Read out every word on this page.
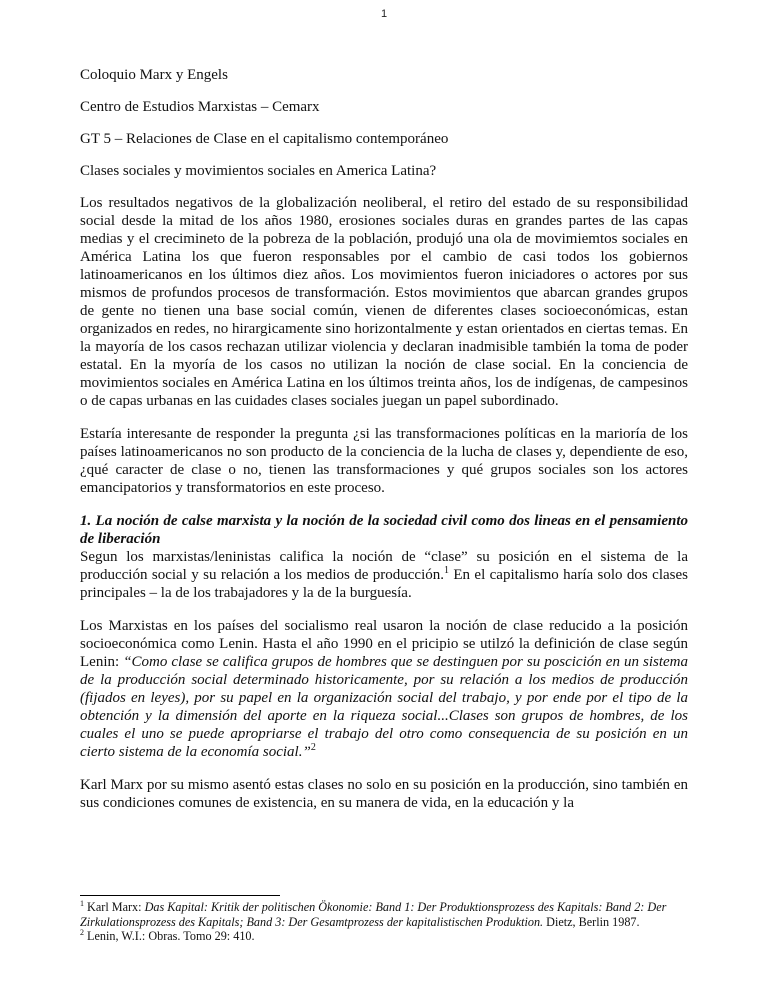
1

Coloquio Marx y Engels

Centro de Estudios Marxistas – Cemarx

GT 5 – Relaciones de Clase en el capitalismo contemporáneo

Clases sociales y movimientos sociales en America Latina?

Los resultados negativos de la globalización neoliberal, el retiro del estado de su responsibilidad social desde la mitad de los años 1980, erosiones sociales duras en grandes partes de las capas medias y el crecimineto de la pobreza de la población, produjó una ola de movimiemtos sociales en América Latina los que fueron responsables por el cambio de casi todos los gobiernos latinoamericanos en los últimos diez años. Los movimientos fueron iniciadores o actores por sus mismos de profundos procesos de transformación. Estos movimientos que abarcan grandes grupos de gente no tienen una base social común, vienen de diferentes clases socioeconómicas, estan organizados en redes, no hirargicamente sino horizontalmente y estan orientados en ciertas temas. En la mayoría de los casos rechazan utilizar violencia y declaran inadmisible también la toma de poder estatal. En la myoría de los casos no utilizan la noción de clase social. En la conciencia de movimientos sociales en América Latina en los últimos treinta años, los de indígenas, de campesinos o de capas urbanas en las cuidades clases sociales juegan un papel subordinado.

Estaría interesante de responder la pregunta ¿si las transformaciones políticas en la marioría de los países latinoamericanos no son producto de la conciencia de la lucha de clases y, dependiente de eso, ¿qué caracter de clase o no, tienen las transformaciones y qué grupos sociales son los actores emancipatorios y transformatorios en este proceso.

1. La noción de calse marxista y la noción de la sociedad civil como dos lineas en el pensamiento de liberación

Segun los marxistas/leninistas califica la noción de “clase” su posición en el sistema de la producción social y su relación a los medios de producción.$^1$ En el capitalismo haría solo dos clases principales – la de los trabajadores y la de la burguesía.

Los Marxistas en los países del socialismo real usaron la noción de clase reducido a la posición socioeconómica como Lenin. Hasta el año 1990 en el pricipio se utilzó la definición de clase según Lenin: “Como clase se califica grupos de hombres que se destinguen por su poscición en un sistema de la producción social determinado historicamente, por su relación a los medios de producción (fijados en leyes), por su papel en la organización social del trabajo, y por ende por el tipo de la obtención y la dimensión del aporte en la riqueza social...Clases son grupos de hombres, de los cuales el uno se puede apropriarse el trabajo del otro como consequencia de su posición en un cierto sistema de la economía social.”$^2$

Karl Marx por su mismo asentó estas clases no solo en su posición en la producción, sino también en sus condiciones comunes de existencia, en su manera de vida, en la educación y la

$^1$ Karl Marx: Das Kapital: Kritik der politischen Ökonomie: Band 1: Der Produktionsprozess des Kapitals: Band 2: Der Zirkulationsprozess des Kapitals; Band 3: Der Gesamtprozess der kapitalistischen Produktion. Dietz, Berlin 1987.

$^2$ Lenin, W.I.: Obras. Tomo 29: 410.
